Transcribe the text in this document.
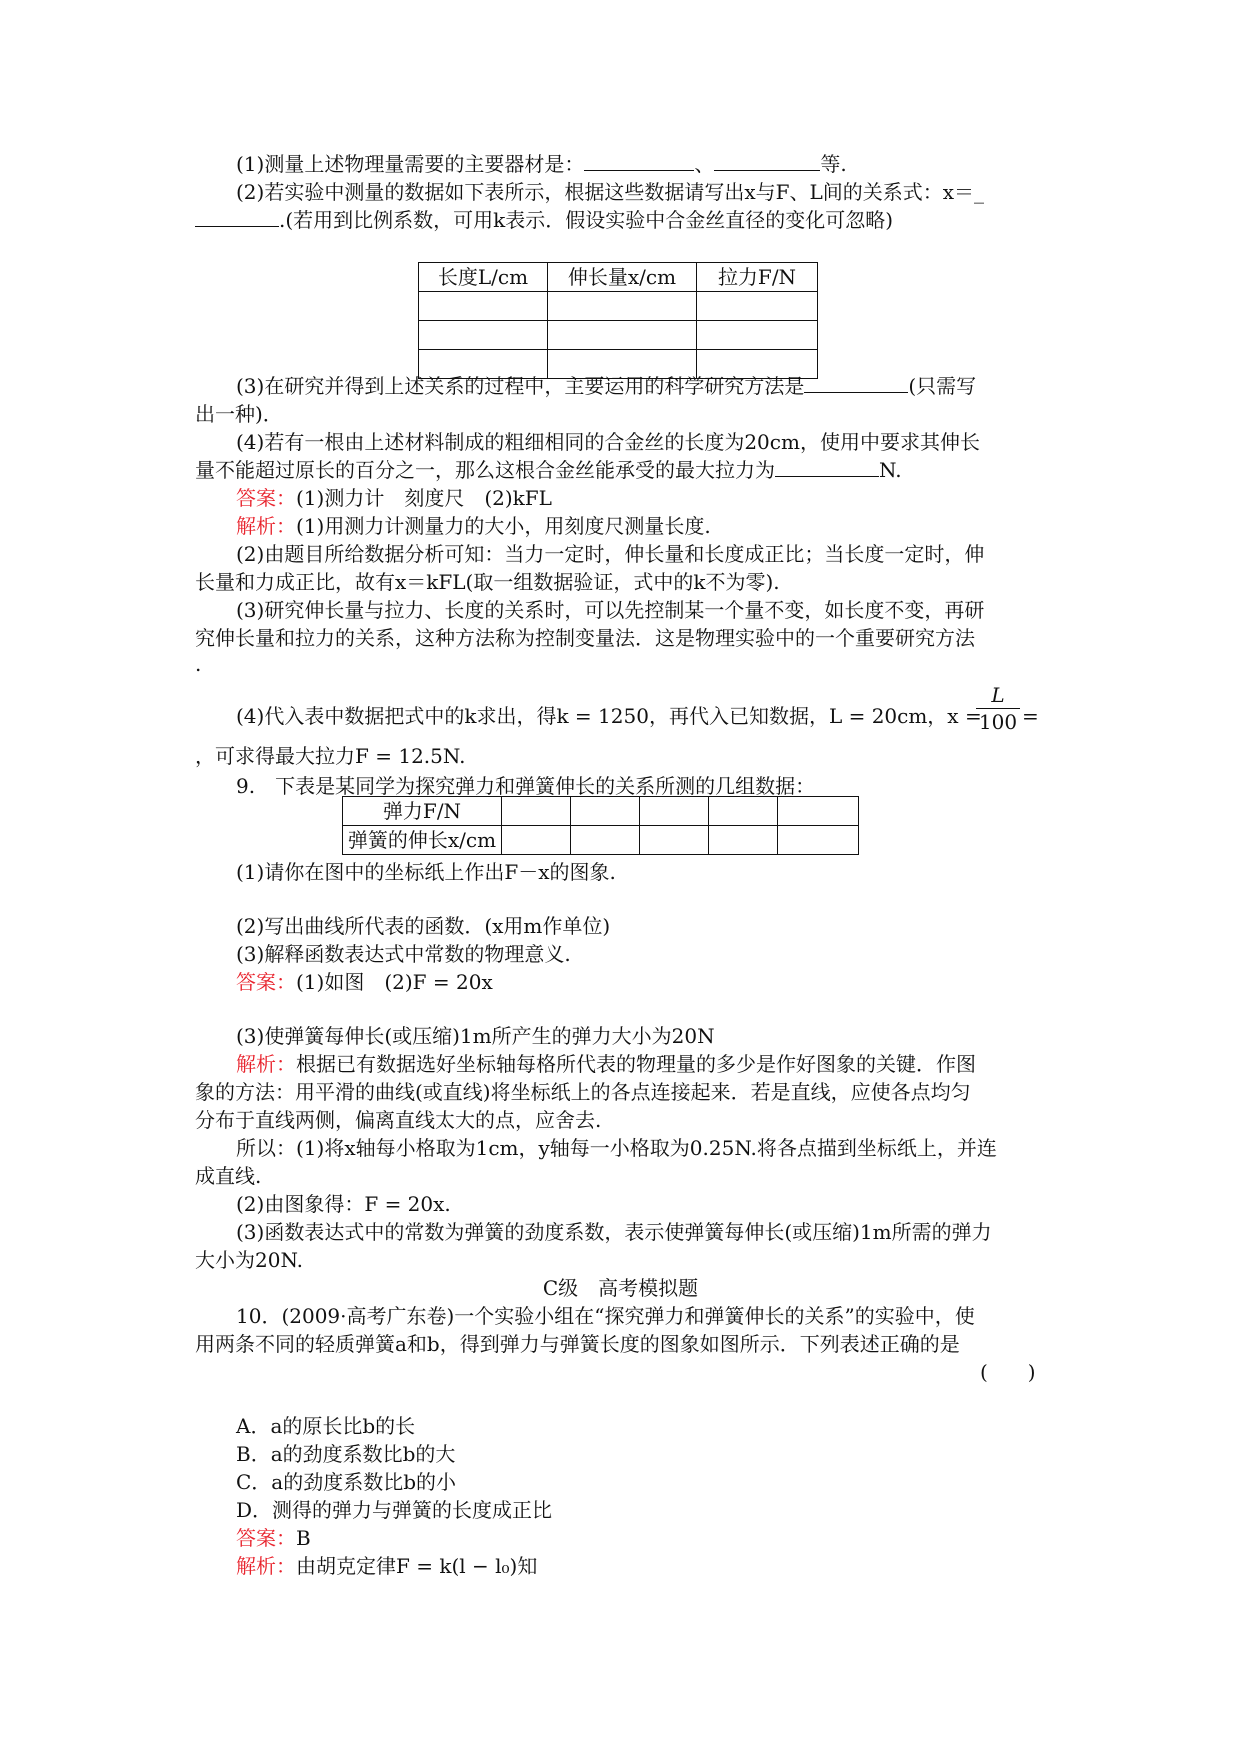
(1)测量上述物理量需要的主要器材是：	、	等.
(2)若实验中测量的数据如下表所示，根据这些数据请写出x与F、L间的关系式：x＝_
.(若用到比例系数，可用k表示．假设实验中合金丝直径的变化可忽略)
长度L/cm	伸长量x/cm	拉力F/N

(3)在研究并得到上述关系的过程中，主要运用的科学研究方法是	(只需写
出一种)．
(4)若有一根由上述材料制成的粗细相同的合金丝的长度为20cm，使用中要求其伸长
量不能超过原长的百分之一，那么这根合金丝能承受的最大拉力为	N.
答案：(1)测力计　刻度尺　(2)kFL
解析：(1)用测力计测量力的大小，用刻度尺测量长度.
(2)由题目所给数据分析可知：当力一定时，伸长量和长度成正比；当长度一定时，伸
长量和力成正比，故有x＝kFL(取一组数据验证，式中的k不为零).
(3)研究伸长量与拉力、长度的关系时，可以先控制某一个量不变，如长度不变，再研
究伸长量和拉力的关系，这种方法称为控制变量法．这是物理实验中的一个重要研究方法
.
(4)代入表中数据把式中的k求出，得k = 1250，再代入已知数据，L = 20cm，x =
$\frac{L}{100}$ =
，可求得最大拉力F = 12.5N.
9.　下表是某同学为探究弹力和弹簧伸长的关系所测的几组数据：
弹力F/N					
弹簧的伸长x/cm					
(1)请你在图中的坐标纸上作出F－x的图象.
(2)写出曲线所代表的函数．(x用m作单位)
(3)解释函数表达式中常数的物理意义.
答案：(1)如图　(2)F = 20x
(3)使弹簧每伸长(或压缩)1m所产生的弹力大小为20N
解析：根据已有数据选好坐标轴每格所代表的物理量的多少是作好图象的关键．作图
象的方法：用平滑的曲线(或直线)将坐标纸上的各点连接起来．若是直线，应使各点均匀
分布于直线两侧，偏离直线太大的点，应舍去.
所以：(1)将x轴每小格取为1cm，y轴每一小格取为0.25N.将各点描到坐标纸上，并连
成直线.
(2)由图象得：F = 20x.
(3)函数表达式中的常数为弹簧的劲度系数，表示使弹簧每伸长(或压缩)1m所需的弹力
大小为20N.
C级　高考模拟题
10．(2009·高考广东卷)一个实验小组在“探究弹力和弹簧伸长的关系”的实验中，使
用两条不同的轻质弹簧a和b，得到弹力与弹簧长度的图象如图所示．下列表述正确的是
(　　)
A．a的原长比b的长
B．a的劲度系数比b的大
C．a的劲度系数比b的小
D．测得的弹力与弹簧的长度成正比
答案：B
解析：由胡克定律F = k(l − l₀)知
